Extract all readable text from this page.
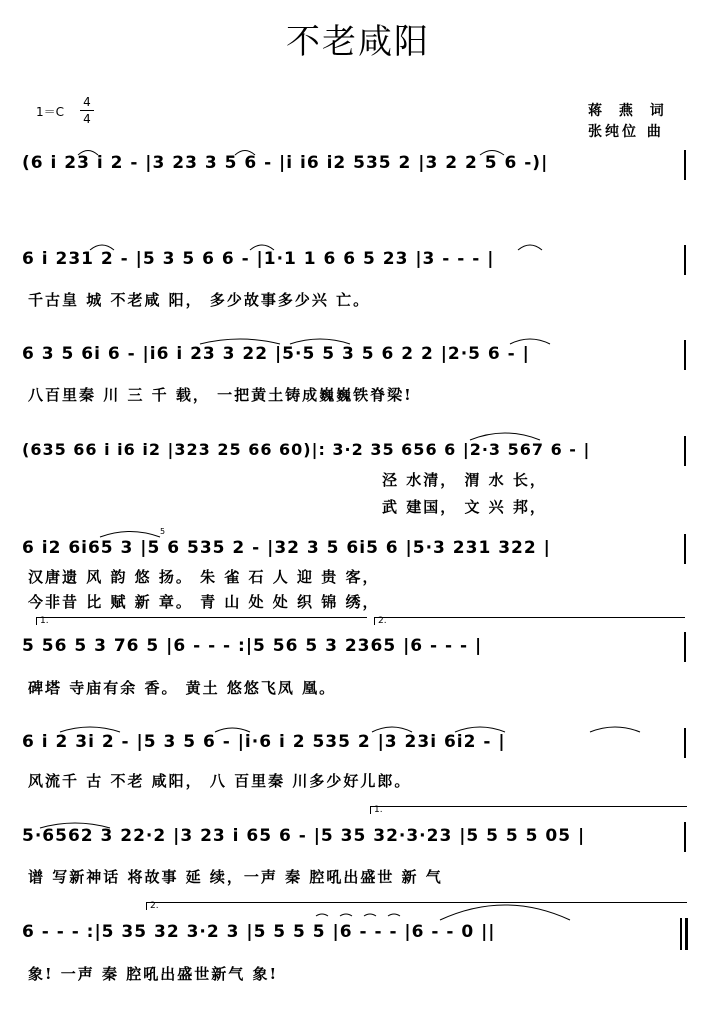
不老咸阳
1＝C
4
4	蒋 燕 词
张纯位 曲
(6 i 23 i 2 - |3 23 3 5 6 - |i i6 i2 535 2 |3 2 2 5 6 -)|
6 i 231 2 - |5 3 5 6 6 - |1·1 1 6 6 5 23 |3 - - - |
千古皇 城 不老咸 阳， 多少故事多少兴 亡。
6 3 5 6i 6 - |i6 i 23 3 22 |5·5 5 3 5 6 2 2 |2·5 6 - |
八百里秦 川 三 千 载， 一把黄土铸成巍巍铁脊梁!
(635 66 i i6 i2 |323 25 66 60)|: 3·2 35 656 6 |2·3 567 6 - |
泾 水清， 渭 水 长，
武 建国， 文 兴 邦，
6 i2 6i65 3 |5 6 535 2 - |32 3 5 6i5 6 |5·3 231 322 |
汉唐遗 风 韵 悠 扬。 朱 雀 石 人 迎 贵 客，
今非昔 比 赋 新 章。 青 山 处 处 织 锦 绣，
5
5 56 5 3 76 5 |6 - - - :|5 56 5 3 2365 |6 - - - |
碑塔 寺庙有余 香。 黄土 悠悠飞凤 凰。
6 i 2 3i 2 - |5 3 5 6 - |i·6 i 2 535 2 |3 23i 6i2 - |
风流千 古 不老 咸阳， 八 百里秦 川多少好儿郎。
5·6562 3 22·2 |3 23 i 65 6 - |5 35 32·3·23 |5 5 5 5 05 |
谱 写新神话 将故事 延 续，一声 秦 腔吼出盛世 新 气
6 - - - :|5 35 32 3·2 3 |5 5 5 5 |6 - - - |6 - - 0 ||
象! 一声 秦 腔吼出盛世新气 象!
1.	2.
1.
2.
